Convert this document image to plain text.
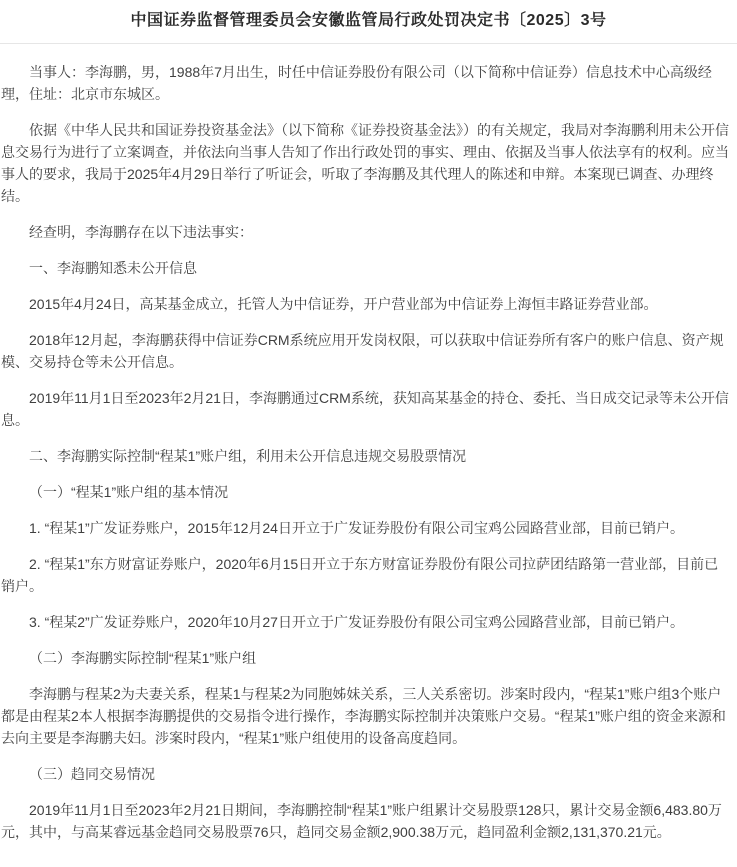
中国证券监督管理委员会安徽监管局行政处罚决定书〔2025〕3号

当事人：李海鹏，男，1988年7月出生，时任中信证券股份有限公司（以下简称中信证券）信息技术中心高级经理，住址：北京市东城区。

依据《中华人民共和国证券投资基金法》（以下简称《证券投资基金法》）的有关规定，我局对李海鹏利用未公开信息交易行为进行了立案调查，并依法向当事人告知了作出行政处罚的事实、理由、依据及当事人依法享有的权利。应当事人的要求，我局于2025年4月29日举行了听证会，听取了李海鹏及其代理人的陈述和申辩。本案现已调查、办理终结。

经查明，李海鹏存在以下违法事实：

一、李海鹏知悉未公开信息

2015年4月24日，高某基金成立，托管人为中信证券，开户营业部为中信证券上海恒丰路证券营业部。

2018年12月起，李海鹏获得中信证券CRM系统应用开发岗权限，可以获取中信证券所有客户的账户信息、资产规模、交易持仓等未公开信息。

2019年11月1日至2023年2月21日，李海鹏通过CRM系统，获知高某基金的持仓、委托、当日成交记录等未公开信息。

二、李海鹏实际控制“程某1”账户组，利用未公开信息违规交易股票情况

（一）“程某1”账户组的基本情况

1. “程某1”广发证券账户，2015年12月24日开立于广发证券股份有限公司宝鸡公园路营业部，目前已销户。

2. “程某1”东方财富证券账户，2020年6月15日开立于东方财富证券股份有限公司拉萨团结路第一营业部，目前已销户。

3. “程某2”广发证券账户，2020年10月27日开立于广发证券股份有限公司宝鸡公园路营业部，目前已销户。

（二）李海鹏实际控制“程某1”账户组

李海鹏与程某2为夫妻关系，程某1与程某2为同胞姊妹关系，三人关系密切。涉案时段内，“程某1”账户组3个账户都是由程某2本人根据李海鹏提供的交易指令进行操作，李海鹏实际控制并决策账户交易。“程某1”账户组的资金来源和去向主要是李海鹏夫妇。涉案时段内，“程某1”账户组使用的设备高度趋同。

（三）趋同交易情况

2019年11月1日至2023年2月21日期间，李海鹏控制“程某1”账户组累计交易股票128只，累计交易金额6,483.80万元，其中，与高某睿远基金趋同交易股票76只，趋同交易金额2,900.38万元，趋同盈利金额2,131,370.21元。
